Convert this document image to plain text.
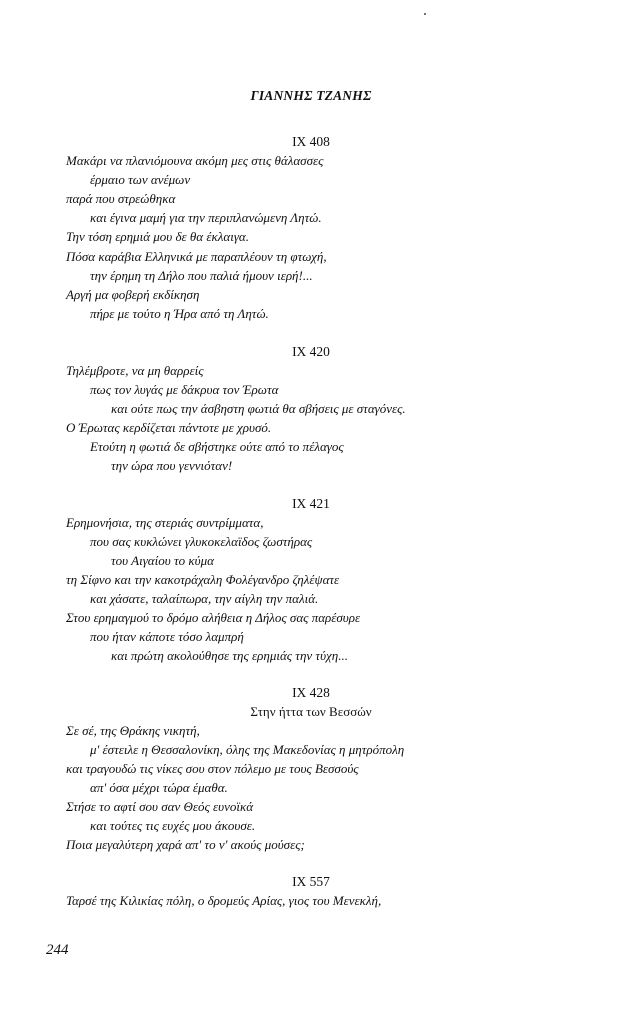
ΓΙΑΝΝΗΣ ΤΖΑΝΗΣ
IX 408
Μακάρι να πλανιόμουνα ακόμη μες στις θάλασσες
έρμαιο των ανέμων
παρά που στρεώθηκα
και έγινα μαμή για την περιπλανώμενη Λητώ.
Την τόση ερημιά μου δε θα έκλαιγα.
Πόσα καράβια Ελληνικά με παραπλέουν τη φτωχή,
την έρημη τη Δήλο που παλιά ήμουν ιερή!...
Αργή μα φοβερή εκδίκηση
πήρε με τούτο η Ήρα από τη Λητώ.
IX 420
Τηλέμβροτε, να μη θαρρείς
πως τον λυγάς με δάκρυα τον Έρωτα
και ούτε πως την άσβηστη φωτιά θα σβήσεις με σταγόνες.
Ο Έρωτας κερδίζεται πάντοτε με χρυσό.
Ετούτη η φωτιά δε σβήστηκε ούτε από το πέλαγος
την ώρα που γεννιόταν!
IX 421
Ερημονήσια, της στεριάς συντρίμματα,
που σας κυκλώνει γλυκοκελαϊδος ζωστήρας
του Αιγαίου το κύμα
τη Σίφνο και την κακοτράχαλη Φολέγανδρο ζηλέψατε
και χάσατε, ταλαίπωρα, την αίγλη την παλιά.
Στου ερημαγμού το δρόμο αλήθεια η Δήλος σας παρέσυρε
που ήταν κάποτε τόσο λαμπρή
και πρώτη ακολούθησε της ερημιάς την τύχη...
IX 428
Στην ήττα των Βεσσών
Σε σέ, της Θράκης νικητή,
μ' έστειλε η Θεσσαλονίκη, όλης της Μακεδονίας η μητρόπολη
και τραγουδώ τις νίκες σου στον πόλεμο με τους Βεσσούς
απ' όσα μέχρι τώρα έμαθα.
Στήσε το αφτί σου σαν Θεός ευνοϊκά
και τούτες τις ευχές μου άκουσε.
Ποια μεγαλύτερη χαρά απ' το ν' ακούς μούσες;
IX 557
Ταρσέ της Κιλικίας πόλη, ο δρομεύς Αρίας, γιος του Μενεκλή,
244
